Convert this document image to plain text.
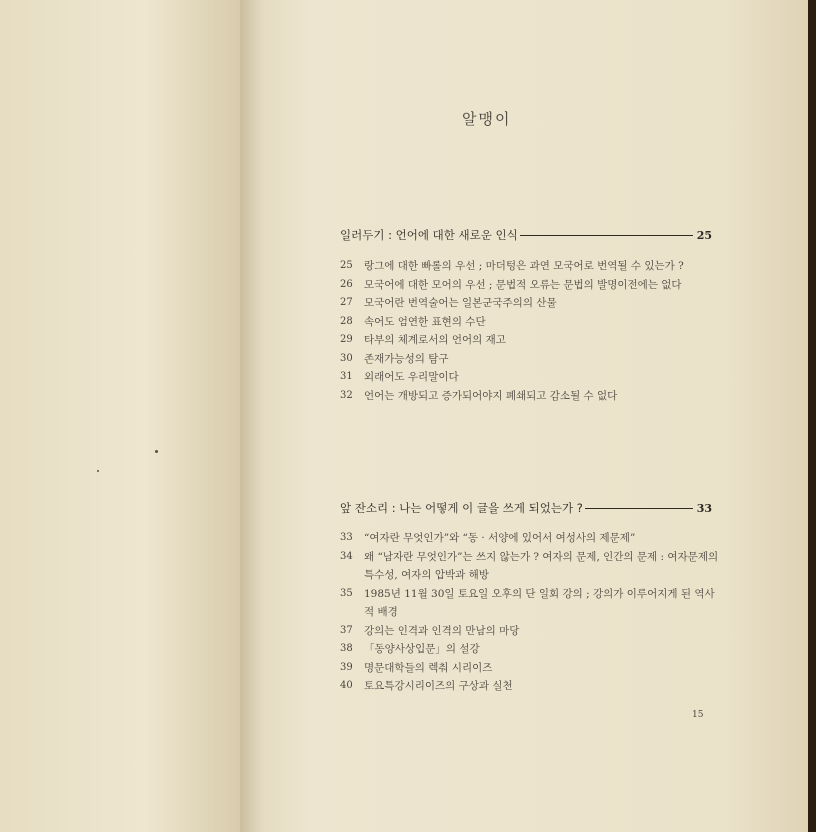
알맹이
일러두기 : 언어에 대한 새로운 인식	25
25	랑그에 대한 빠롤의 우선 ; 마더텅은 과연 모국어로 번역될 수 있는가 ?
26	모국어에 대한 모어의 우선 ; 문법적 오류는 문법의 발명이전에는 없다
27	모국어란 번역술어는 일본군국주의의 산물
28	속어도 엄연한 표현의 수단
29	타부의 체계로서의 언어의 재고
30	존재가능성의 탐구
31	외래어도 우리말이다
32	언어는 개방되고 증가되어야지 폐쇄되고 감소될 수 없다
앞 잔소리 : 나는 어떻게 이 글을 쓰게 되었는가 ?	33
33	“여자란 무엇인가”와 “동 · 서양에 있어서 여성사의 제문제”
34	왜 “남자란 무엇인가”는 쓰지 않는가 ? 여자의 문제, 인간의 문제 : 여자문제의 특수성, 여자의 압박과 해방
35	1985년 11월 30일 토요일 오후의 단 일회 강의 ; 강의가 이루어지게 된 역사적 배경
37	강의는 인격과 인격의 만남의 마당
38	「동양사상입문」의 설강
39	명문대학들의 렉춰 시리이즈
40	토요특강시리이즈의 구상과 실천
15
